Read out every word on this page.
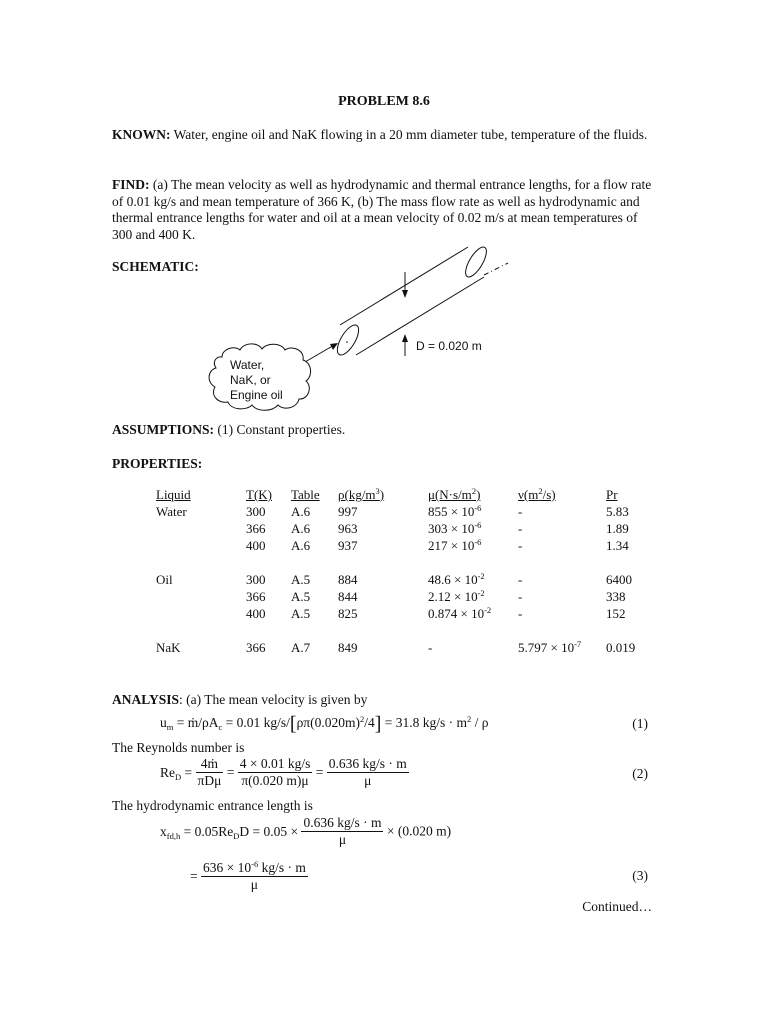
PROBLEM 8.6
KNOWN: Water, engine oil and NaK flowing in a 20 mm diameter tube, temperature of the fluids.
FIND: (a) The mean velocity as well as hydrodynamic and thermal entrance lengths, for a flow rate of 0.01 kg/s and mean temperature of 366 K, (b) The mass flow rate as well as hydrodynamic and thermal entrance lengths for water and oil at a mean velocity of 0.02 m/s at mean temperatures of 300 and 400 K.
SCHEMATIC:
Water,
NaK, or
Engine oil
D = 0.020 m
ASSUMPTIONS: (1) Constant properties.
PROPERTIES:
Liquid	T(K)	Table	$\rho(kg/m^3)$	$\mu(N\cdot s/m^2)$	$\nu(m^2/s)$	Pr
Water	300	A.6	997	$855 \times 10^{-6}$	-	5.83
	366	A.6	963	$303 \times 10^{-6}$	-	1.89
	400	A.6	937	$217 \times 10^{-6}$	-	1.34

Oil	300	A.5	884	$48.6 \times 10^{-2}$	-	6400
	366	A.5	844	$2.12 \times 10^{-2}$	-	338
	400	A.5	825	$0.874 \times 10^{-2}$	-	152

NaK	366	A.7	849	-	$5.797 \times 10^{-7}$	0.019
ANALYSIS: (a) The mean velocity is given by
$u_m$ = $ṁ/\rho A_c = 0.01$ $kg/s/[\rho\pi(0.020m)^2/4] = 31.8$ $kg/s \cdot m^2 / \rho$	(1)
The Reynolds number is
$Re_D = \frac{\text{4ṁ}}{\text{πDμ}} = \frac{4 \times 0.01 kg/s}{\pi(0.020 m)\mu} = \frac{0.636 kg/s \cdot m}{\mu}$	(2)
The hydrodynamic entrance length is
$x_{fd,h} = 0.05Re_DD = 0.05 \times \frac{0.636 kg/s \cdot m}{\mu} \times (0.020$ m)
= $\frac{636 \times 10^{-6} kg/s \cdot m}{\mu}$	(3)
Continued…
